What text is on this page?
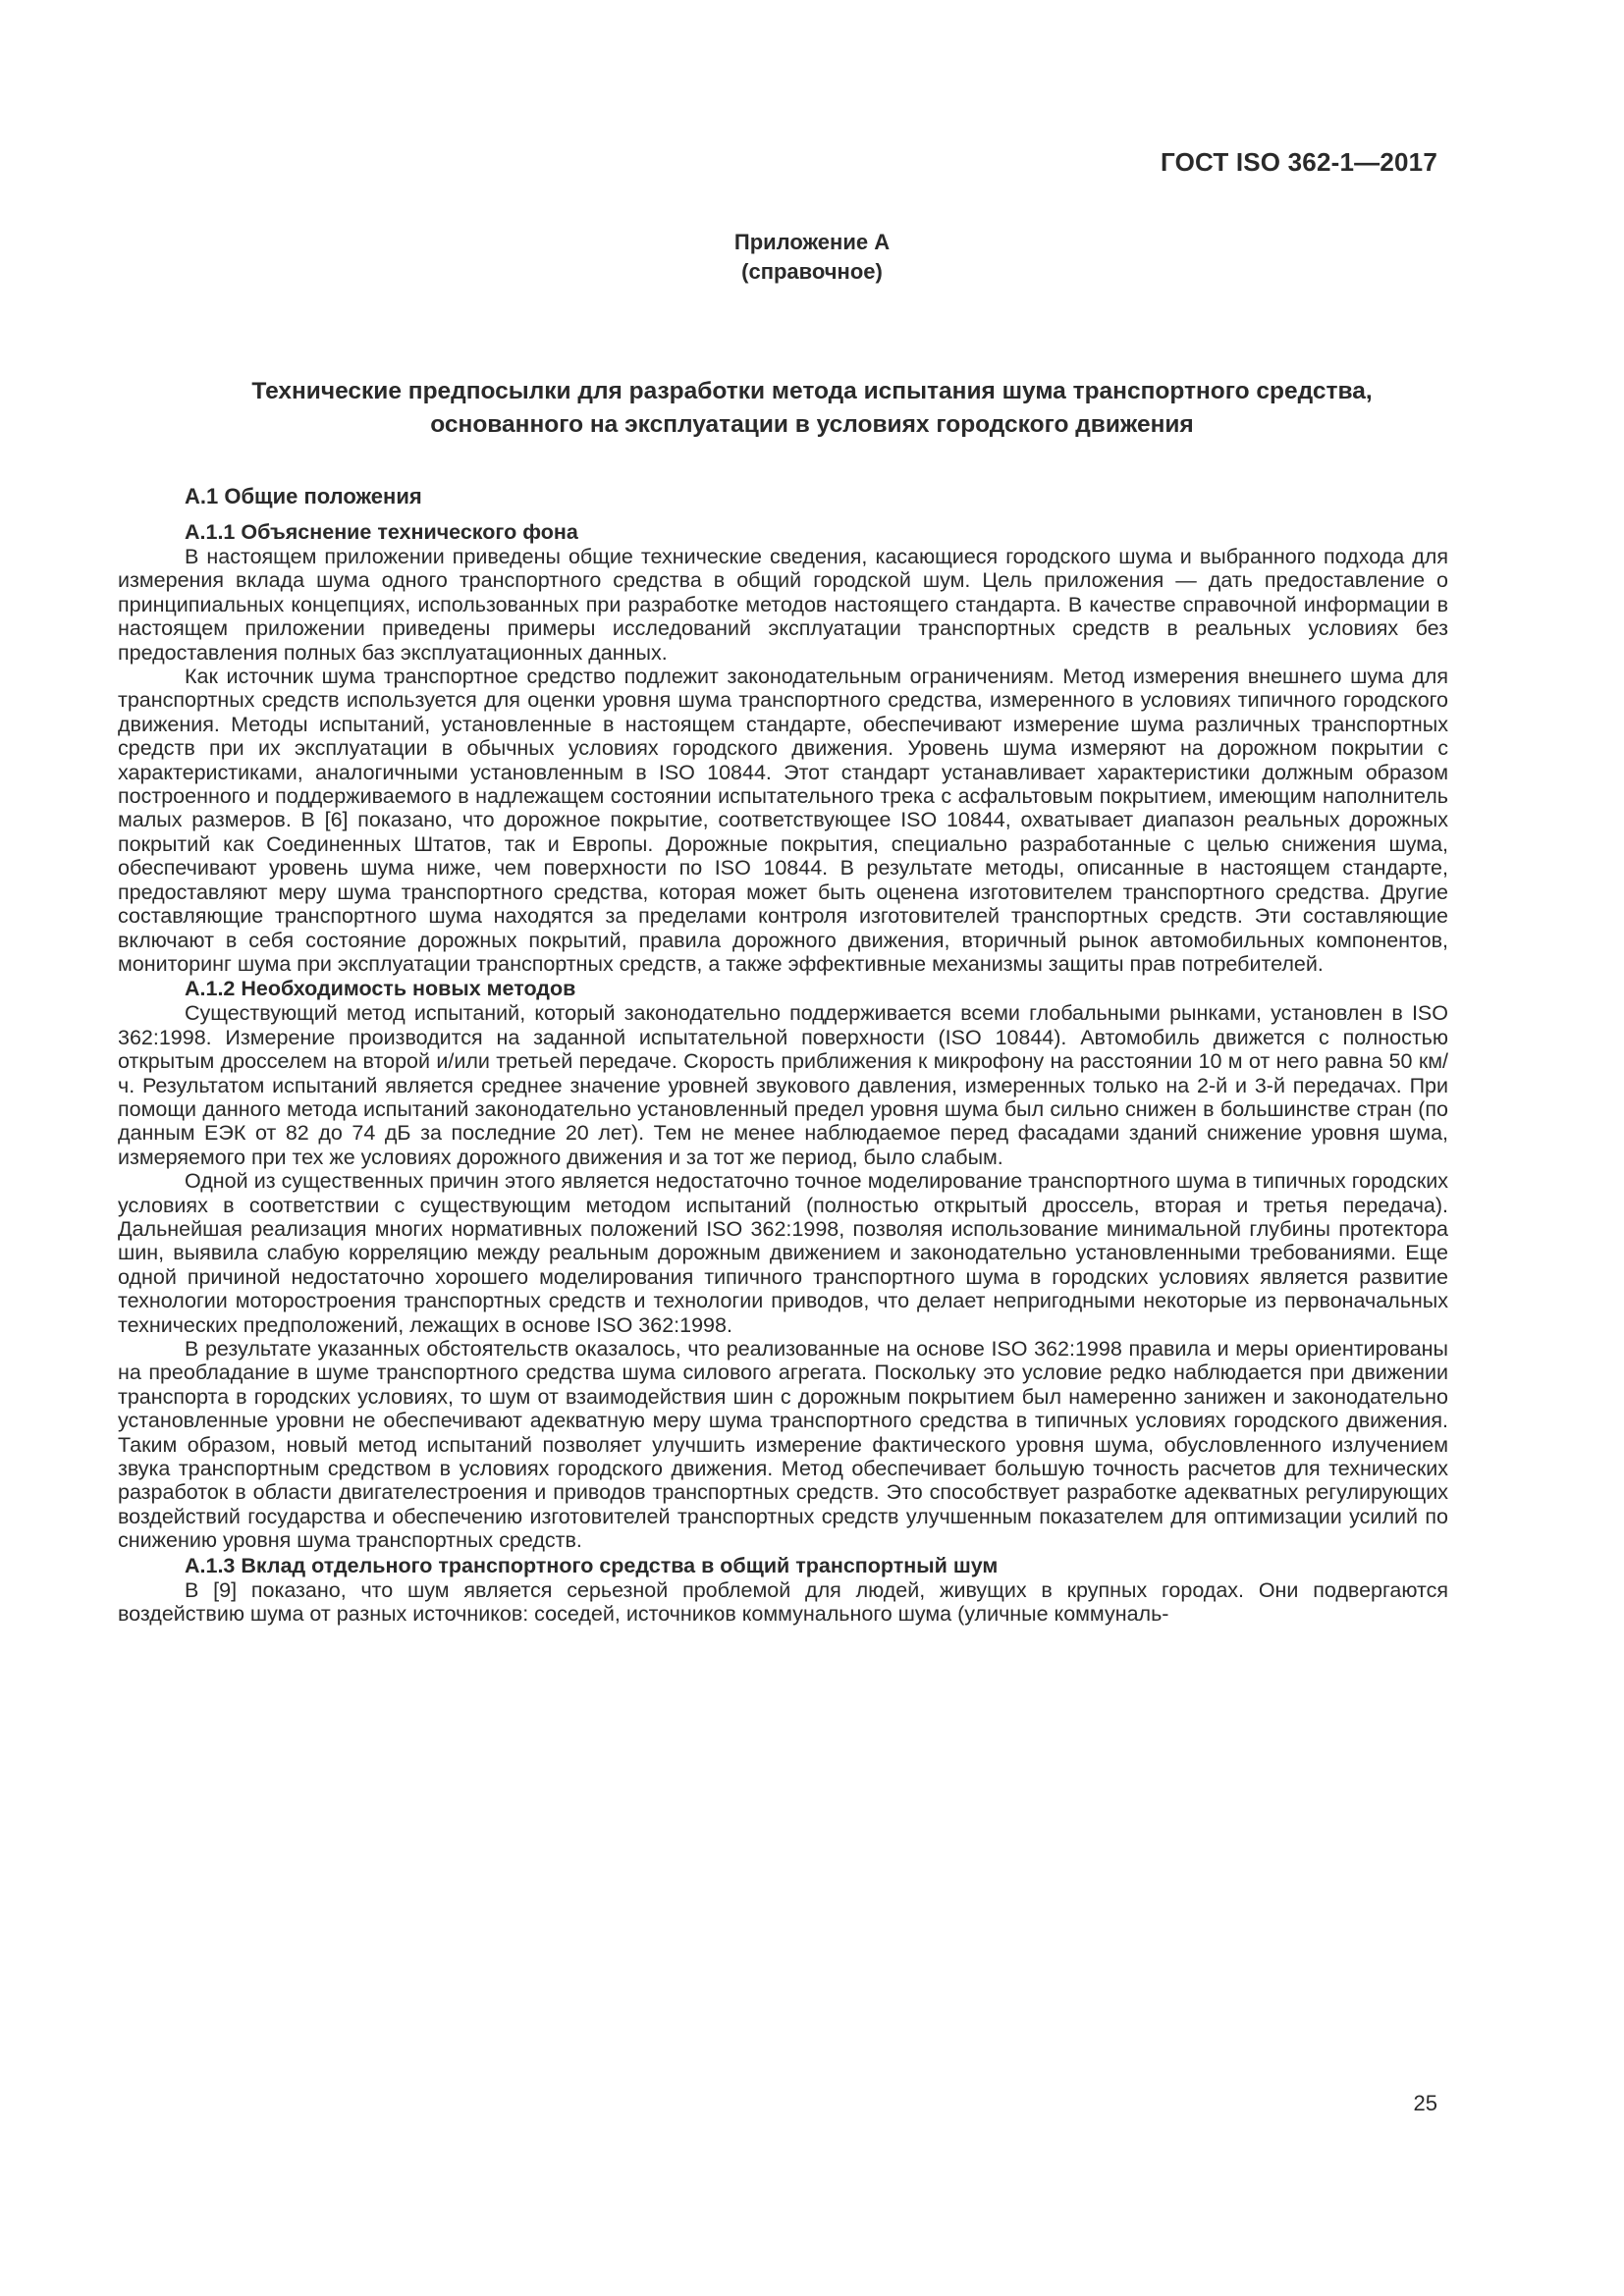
ГОСТ ISO 362-1—2017
Приложение А
(справочное)
Технические предпосылки для разработки метода испытания шума транспортного средства,
основанного на эксплуатации в условиях городского движения
А.1 Общие положения
А.1.1 Объяснение технического фона

В настоящем приложении приведены общие технические сведения, касающиеся городского шума и выбранного подхода для измерения вклада шума одного транспортного средства в общий городской шум. Цель приложения — дать предоставление о принципиальных концепциях, использованных при разработке методов настоящего стандарта. В качестве справочной информации в настоящем приложении приведены примеры исследований эксплуатации транспортных средств в реальных условиях без предоставления полных баз эксплуатационных данных.

Как источник шума транспортное средство подлежит законодательным ограничениям. Метод измерения внешнего шума для транспортных средств используется для оценки уровня шума транспортного средства, измеренного в условиях типичного городского движения. Методы испытаний, установленные в настоящем стандарте, обеспечивают измерение шума различных транспортных средств при их эксплуатации в обычных условиях городского движения. Уровень шума измеряют на дорожном покрытии с характеристиками, аналогичными установленным в ISO 10844. Этот стандарт устанавливает характеристики должным образом построенного и поддерживаемого в надлежащем состоянии испытательного трека с асфальтовым покрытием, имеющим наполнитель малых размеров. В [6] показано, что дорожное покрытие, соответствующее ISO 10844, охватывает диапазон реальных дорожных покрытий как Соединенных Штатов, так и Европы. Дорожные покрытия, специально разработанные с целью снижения шума, обеспечивают уровень шума ниже, чем поверхности по ISO 10844. В результате методы, описанные в настоящем стандарте, предоставляют меру шума транспортного средства, которая может быть оценена изготовителем транспортного средства. Другие составляющие транспортного шума находятся за пределами контроля изготовителей транспортных средств. Эти составляющие включают в себя состояние дорожных покрытий, правила дорожного движения, вторичный рынок автомобильных компонентов, мониторинг шума при эксплуатации транспортных средств, а также эффективные механизмы защиты прав потребителей.

А.1.2 Необходимость новых методов

Существующий метод испытаний, который законодательно поддерживается всеми глобальными рынками, установлен в ISO 362:1998. Измерение производится на заданной испытательной поверхности (ISO 10844). Автомобиль движется с полностью открытым дросселем на второй и/или третьей передаче. Скорость приближения к микрофону на расстоянии 10 м от него равна 50 км/ч. Результатом испытаний является среднее значение уровней звукового давления, измеренных только на 2-й и 3-й передачах. При помощи данного метода испытаний законодательно установленный предел уровня шума был сильно снижен в большинстве стран (по данным ЕЭК от 82 до 74 дБ за последние 20 лет). Тем не менее наблюдаемое перед фасадами зданий снижение уровня шума, измеряемого при тех же условиях дорожного движения и за тот же период, было слабым.

Одной из существенных причин этого является недостаточно точное моделирование транспортного шума в типичных городских условиях в соответствии с существующим методом испытаний (полностью открытый дроссель, вторая и третья передача). Дальнейшая реализация многих нормативных положений ISO 362:1998, позволяя использование минимальной глубины протектора шин, выявила слабую корреляцию между реальным дорожным движением и законодательно установленными требованиями. Еще одной причиной недостаточно хорошего моделирования типичного транспортного шума в городских условиях является развитие технологии моторостроения транспортных средств и технологии приводов, что делает непригодными некоторые из первоначальных технических предположений, лежащих в основе ISO 362:1998.

В результате указанных обстоятельств оказалось, что реализованные на основе ISO 362:1998 правила и меры ориентированы на преобладание в шуме транспортного средства шума силового агрегата. Поскольку это условие редко наблюдается при движении транспорта в городских условиях, то шум от взаимодействия шин с дорожным покрытием был намеренно занижен и законодательно установленные уровни не обеспечивают адекватную меру шума транспортного средства в типичных условиях городского движения. Таким образом, новый метод испытаний позволяет улучшить измерение фактического уровня шума, обусловленного излучением звука транспортным средством в условиях городского движения. Метод обеспечивает большую точность расчетов для технических разработок в области двигателестроения и приводов транспортных средств. Это способствует разработке адекватных регулирующих воздействий государства и обеспечению изготовителей транспортных средств улучшенным показателем для оптимизации усилий по снижению уровня шума транспортных средств.

А.1.3 Вклад отдельного транспортного средства в общий транспортный шум

В [9] показано, что шум является серьезной проблемой для людей, живущих в крупных городах. Они подвергаются воздействию шума от разных источников: соседей, источников коммунального шума (уличные коммуналь-

25
